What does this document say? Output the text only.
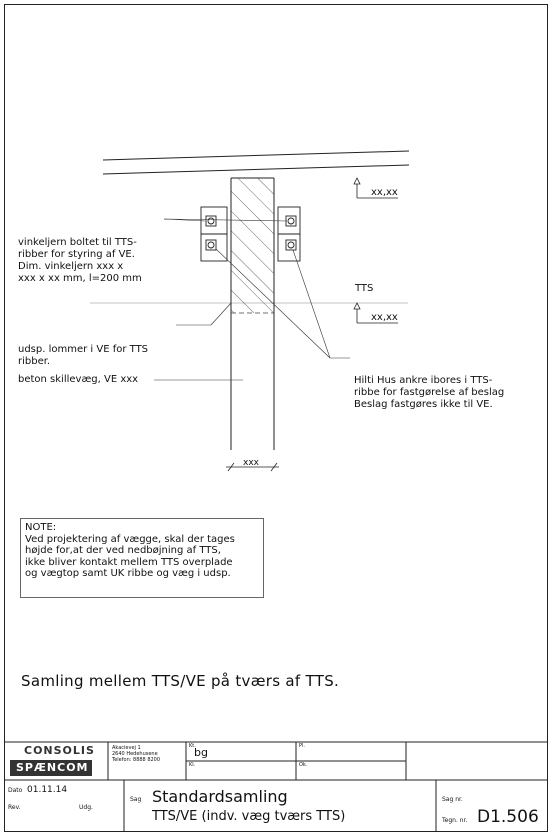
vinkeljern boltet til TTS-
ribber for styring af VE.
Dim. vinkeljern xxx x
xxx x xx mm, l=200 mm

udsp. lommer i VE for TTS
ribber.

beton skillevæg, VE xxx
TTS
xx,xx
xx,xx

Hilti Hus ankre ibores i TTS-
ribbe for fastgørelse af beslag
Beslag fastgøres ikke til VE.

xxx
NOTE:
Ved projektering af vægge, skal der tages
højde for,at der ved nedbøjning af TTS,
ikke bliver kontakt mellem TTS overplade
og vægtop samt UK ribbe og væg i udsp.
Samling mellem TTS/VE på tværs af TTS.
CONSOLIS
SPÆNCOM
Akacievej 1
2640 Hedehusene
Telefon: 8888 8200
Kt.
bg
Kl.
Pl.
Ok.
Dato 01.11.14
Rev.	Udg.
Sag Standardsamling
TTS/VE (indv. væg tværs TTS)
Sag nr.
Tegn. nr. D1.506
